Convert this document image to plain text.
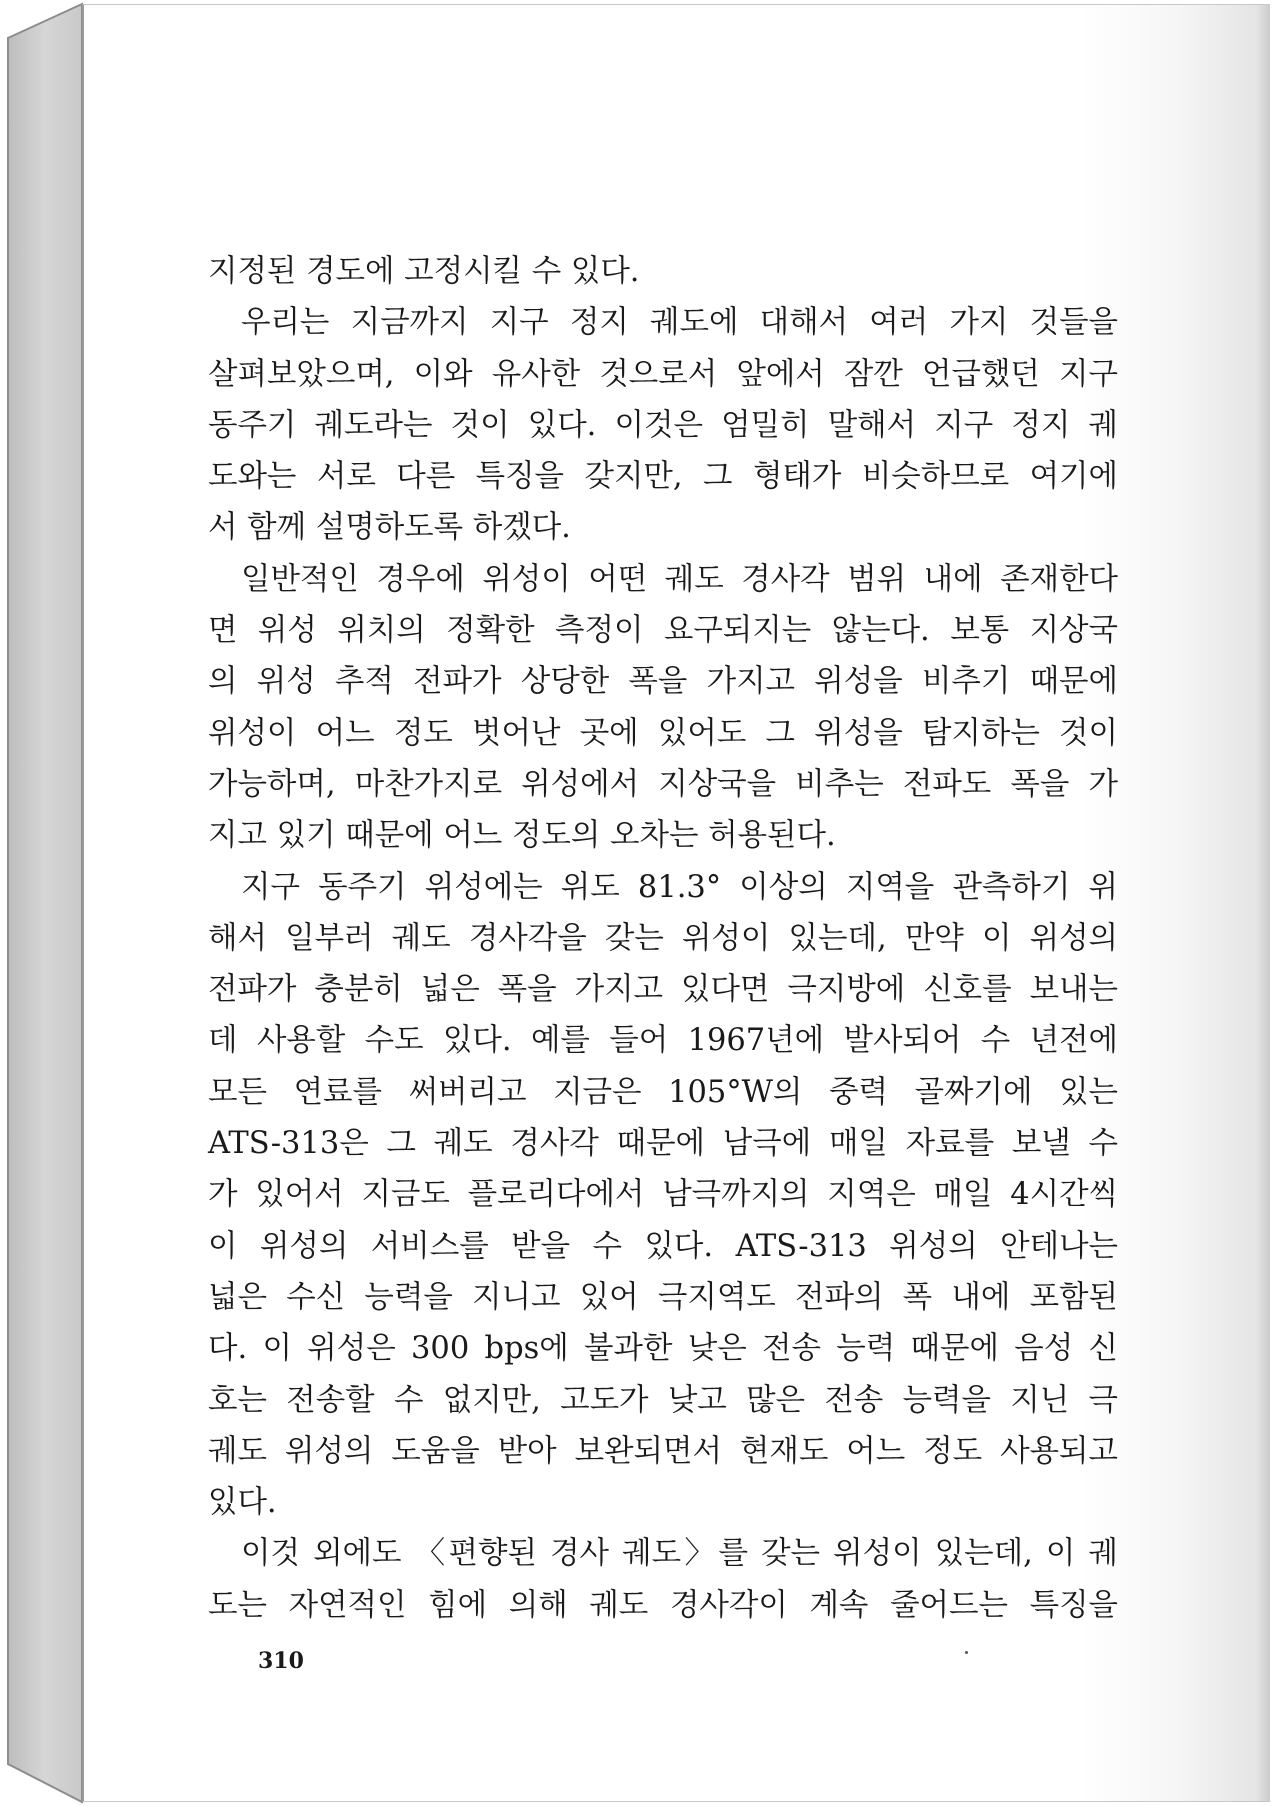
지정된 경도에 고정시킬 수 있다.
우리는 지금까지 지구 정지 궤도에 대해서 여러 가지 것들을
살펴보았으며, 이와 유사한 것으로서 앞에서 잠깐 언급했던 지구
동주기 궤도라는 것이 있다. 이것은 엄밀히 말해서 지구 정지 궤
도와는 서로 다른 특징을 갖지만, 그 형태가 비슷하므로 여기에
서 함께 설명하도록 하겠다.
일반적인 경우에 위성이 어떤 궤도 경사각 범위 내에 존재한다
면 위성 위치의 정확한 측정이 요구되지는 않는다. 보통 지상국
의 위성 추적 전파가 상당한 폭을 가지고 위성을 비추기 때문에
위성이 어느 정도 벗어난 곳에 있어도 그 위성을 탐지하는 것이
가능하며, 마찬가지로 위성에서 지상국을 비추는 전파도 폭을 가
지고 있기 때문에 어느 정도의 오차는 허용된다.
지구 동주기 위성에는 위도 81.3° 이상의 지역을 관측하기 위
해서 일부러 궤도 경사각을 갖는 위성이 있는데, 만약 이 위성의
전파가 충분히 넓은 폭을 가지고 있다면 극지방에 신호를 보내는
데 사용할 수도 있다. 예를 들어 1967년에 발사되어 수 년전에
모든 연료를 써버리고 지금은 105°W의 중력 골짜기에 있는
ATS-313은 그 궤도 경사각 때문에 남극에 매일 자료를 보낼 수
가 있어서 지금도 플로리다에서 남극까지의 지역은 매일 4시간씩
이 위성의 서비스를 받을 수 있다. ATS-313 위성의 안테나는
넓은 수신 능력을 지니고 있어 극지역도 전파의 폭 내에 포함된
다. 이 위성은 300 bps에 불과한 낮은 전송 능력 때문에 음성 신
호는 전송할 수 없지만, 고도가 낮고 많은 전송 능력을 지닌 극
궤도 위성의 도움을 받아 보완되면서 현재도 어느 정도 사용되고
있다.
이것 외에도 〈편향된 경사 궤도〉를 갖는 위성이 있는데, 이 궤
도는 자연적인 힘에 의해 궤도 경사각이 계속 줄어드는 특징을
310
